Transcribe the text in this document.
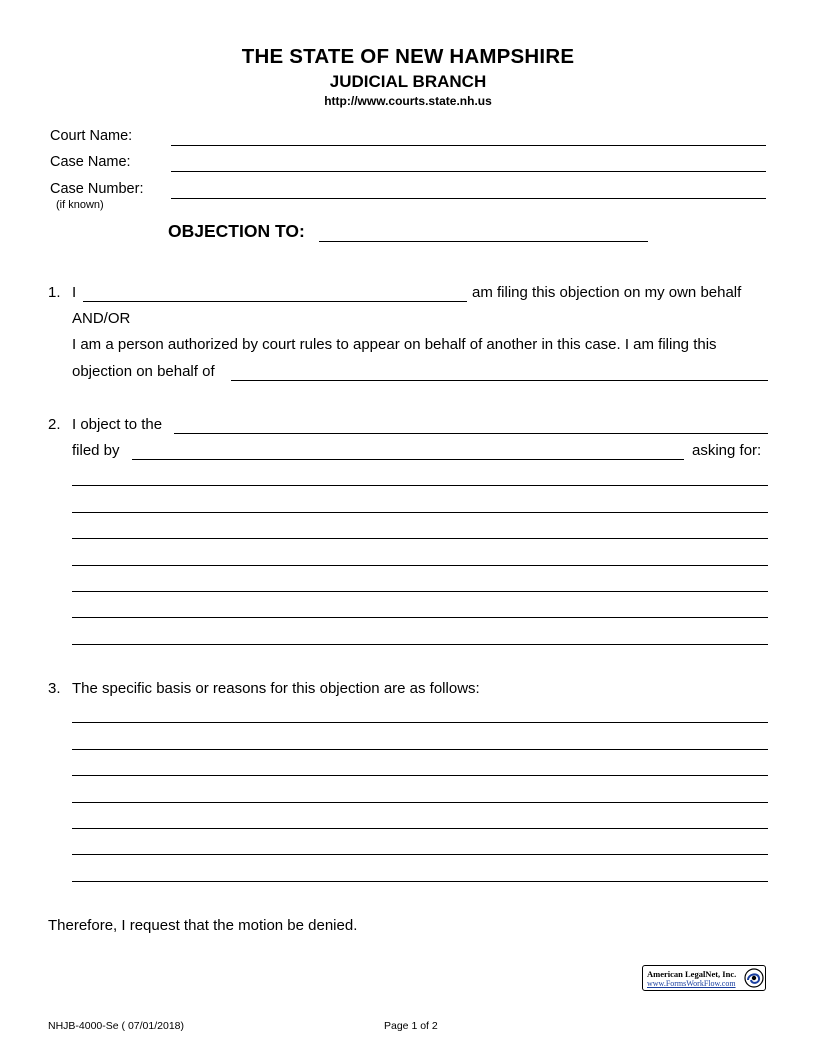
THE STATE OF NEW HAMPSHIRE
JUDICIAL BRANCH
http://www.courts.state.nh.us
Court Name:
Case Name:
Case Number:
(if known)
OBJECTION TO:
1. I	am filing this objection on my own behalf
AND/OR
I am a person authorized by court rules to appear on behalf of another in this case. I am filing this
objection on behalf of
2. I object to the
filed by	asking for:
3. The specific basis or reasons for this objection are as follows:
Therefore, I request that the motion be denied.
American LegalNet, Inc.
www.FormsWorkFlow.com
NHJB-4000-Se ( 07/01/2018)	Page 1 of 2
